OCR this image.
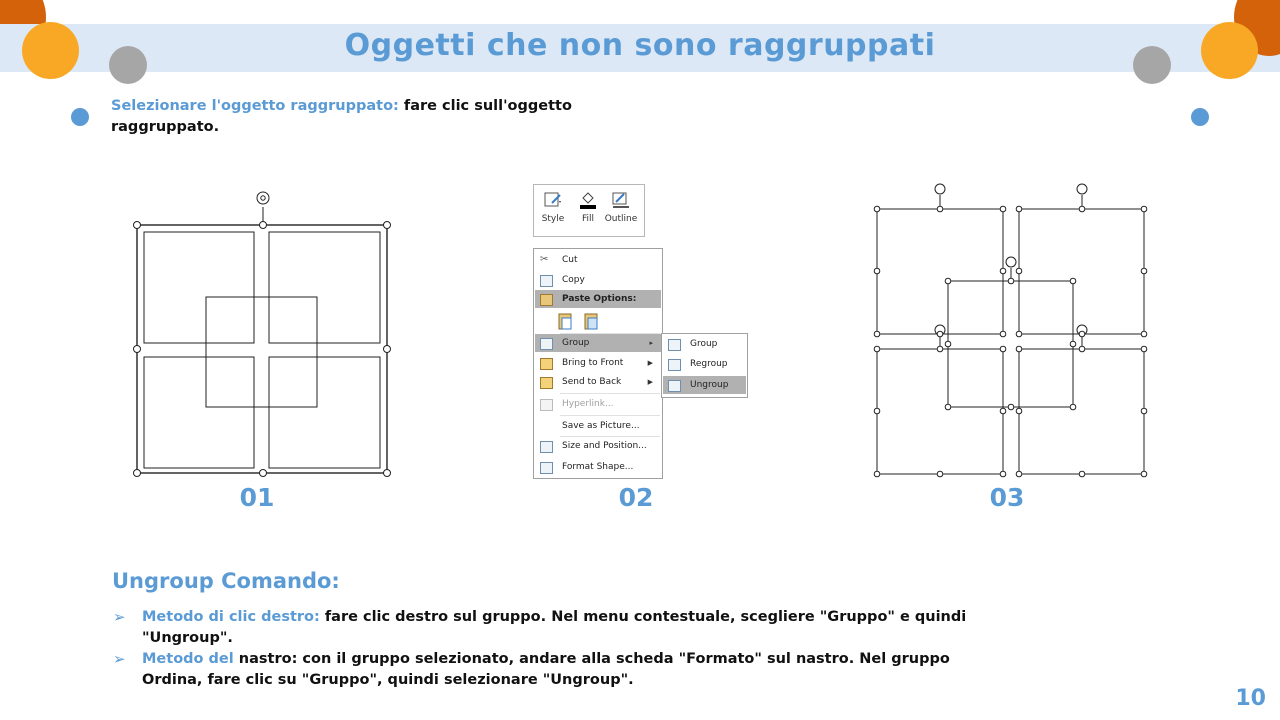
Oggetti che non sono raggruppati
Selezionare l'oggetto raggruppato: fare clic sull'oggetto raggruppato.
Style	Fill	Outline
✂ Cut
Copy
Paste Options:
Group	▸
Bring to Front	▶
Send to Back	▶
Hyperlink...
Save as Picture...
Size and Position...
Format Shape...
Group
Regroup
Ungroup
01	02	03
Ungroup Comando:
➢ Metodo di clic destro: fare clic destro sul gruppo. Nel menu contestuale, scegliere "Gruppo" e quindi "Ungroup".
➢ Metodo del nastro: con il gruppo selezionato, andare alla scheda "Formato" sul nastro. Nel gruppo Ordina, fare clic su "Gruppo", quindi selezionare "Ungroup".
10
